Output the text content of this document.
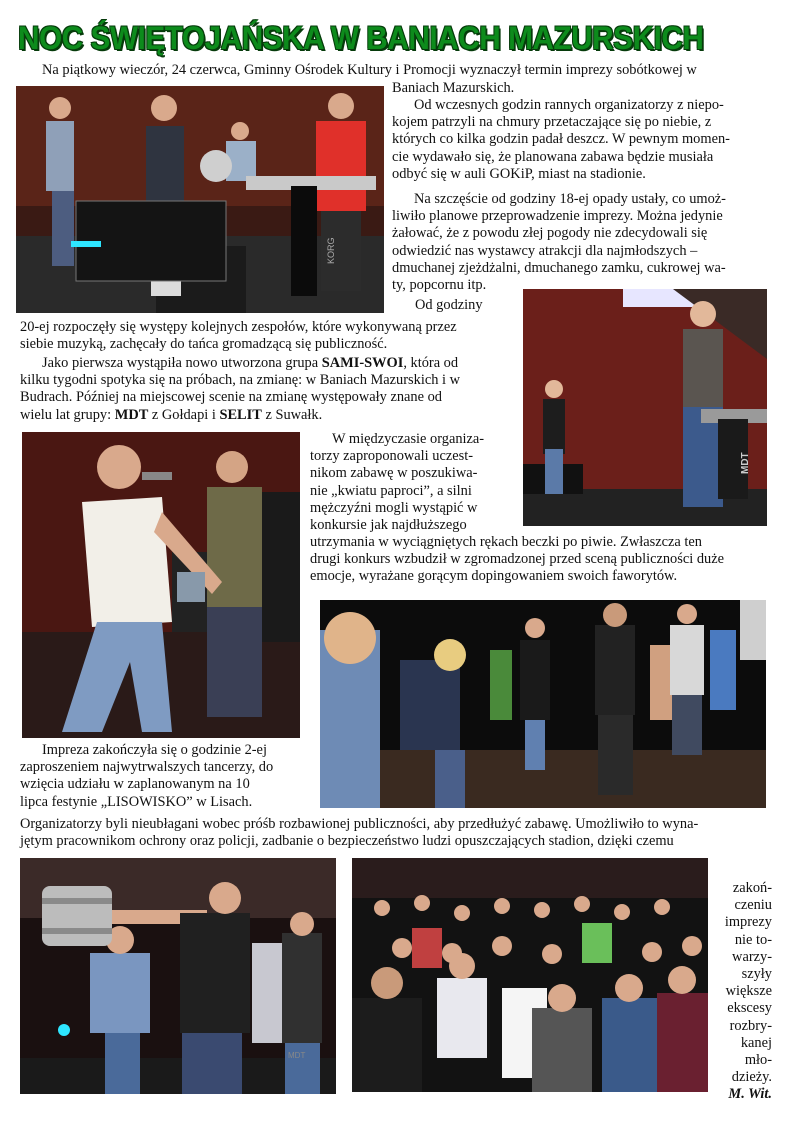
NOC ŚWIĘTOJAŃSKA W BANIACH MAZURSKICH
Na piątkowy wieczór, 24 czerwca, Gminny Ośrodek Kultury i Promocji wyznaczył termin imprezy sobótkowej w
Baniach Mazurskich.
KORG
Od wczesnych godzin rannych organizatorzy z niepo-
kojem patrzyli na chmury przetaczające się po niebie, z
których co kilka godzin padał deszcz. W pewnym momen-
cie wydawało się, że planowana zabawa będzie musiała
odbyć się w auli GOKiP, miast na stadionie.
Na szczęście od godziny 18-ej opady ustały, co umoż-
liwiło planowe przeprowadzenie imprezy. Można jedynie
żałować, że z powodu złej pogody nie zdecydowali się
odwiedzić nas wystawcy atrakcji dla najmłodszych –
dmuchanej zjeżdżalni, dmuchanego zamku, cukrowej wa-
ty, popcornu itp.
Od godziny
20-ej rozpoczęły się występy kolejnych zespołów, które wykonywaną przez
siebie muzyką, zachęcały do tańca gromadzącą się publiczność.
MDT
Jako pierwsza wystąpiła nowo utworzona grupa SAMI-SWOI, która od
kilku tygodni spotyka się na próbach, na zmianę: w Baniach Mazurskich i w
Budrach. Później na miejscowej scenie na zmianę występowały znane od
wielu lat grupy: MDT z Gołdapi i SELIT z Suwałk.
W międzyczasie organiza-
torzy zaproponowali uczest-
nikom zabawę w poszukiwa-
nie „kwiatu paproci”, a silni
mężczyźni mogli wystąpić w
konkursie jak najdłuższego
utrzymania w wyciągniętych rękach beczki po piwie. Zwłaszcza ten
drugi konkurs wzbudził w zgromadzonej przed sceną publiczności duże
emocje, wyrażane gorącym dopingowaniem swoich faworytów.
Impreza zakończyła się o godzinie 2-ej
zaproszeniem najwytrwalszych tancerzy, do
wzięcia udziału w zaplanowanym na 10
lipca festynie „LISOWISKO” w Lisach.
Organizatorzy byli nieubłagani wobec próśb rozbawionej publiczności, aby przedłużyć zabawę. Umożliwiło to wyna-
jętym pracownikom ochrony oraz policji, zadbanie o bezpieczeństwo ludzi opuszczających stadion, dzięki czemu
MDT
zakoń-
czeniu
imprezy
nie to-
warzy-
szyły
większe
ekscesy
rozbry-
kanej
mło-
dzieży.
M. Wit.
